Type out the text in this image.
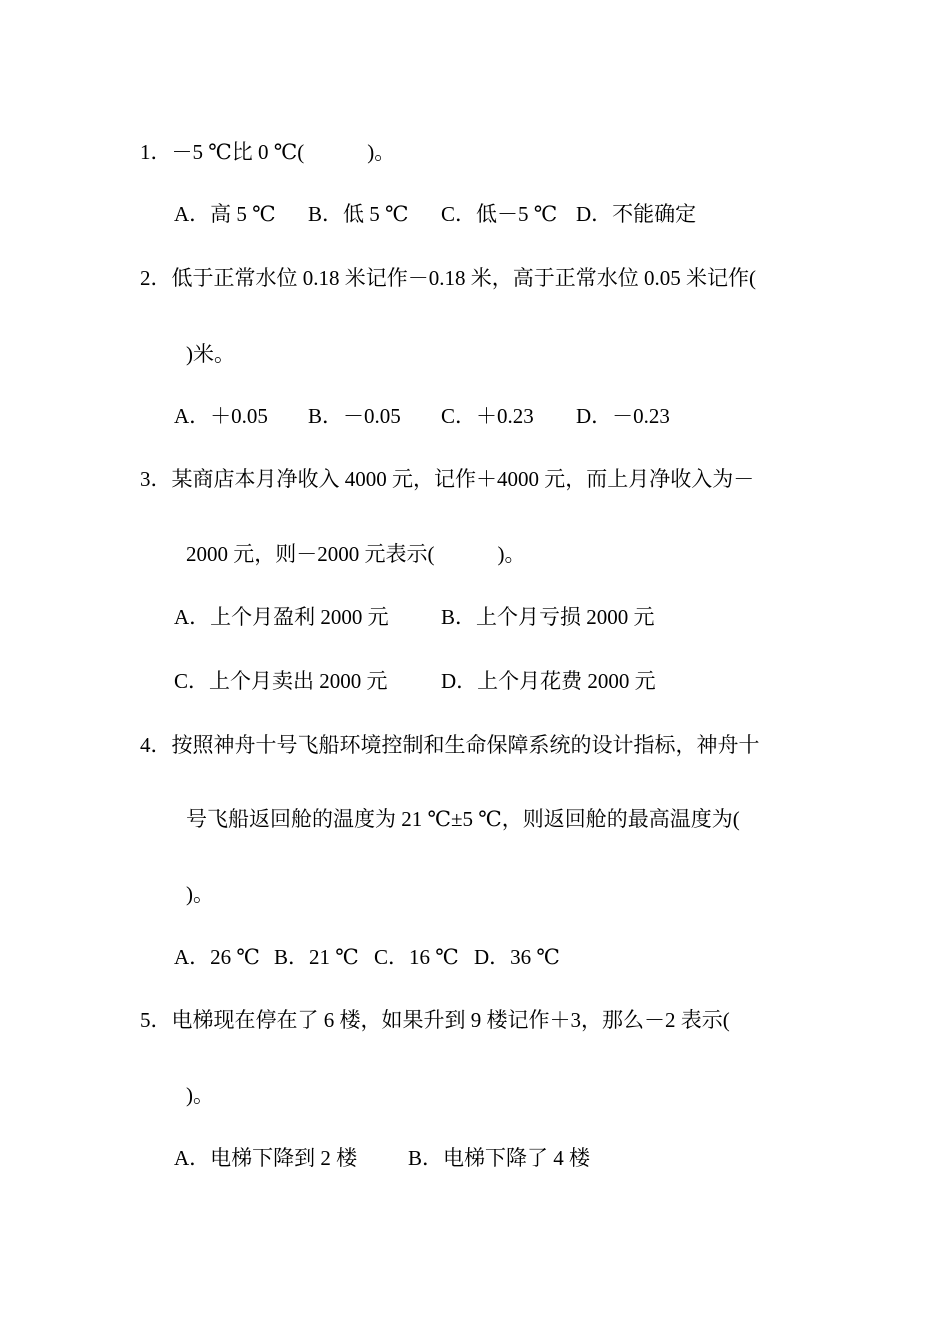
1．－5 ℃比 0 ℃(　　　)。
A．高 5 ℃ B．低 5 ℃ C．低－5 ℃ D．不能确定
2．低于正常水位 0.18 米记作－0.18 米，高于正常水位 0.05 米记作(
)米。
A．＋0.05 B．－0.05 C．＋0.23 D．－0.23
3．某商店本月净收入 4000 元，记作＋4000 元，而上月净收入为－
2000 元，则－2000 元表示(　　　)。
A．上个月盈利 2000 元 B．上个月亏损 2000 元
C．上个月卖出 2000 元	D．上个月花费 2000 元
4．按照神舟十号飞船环境控制和生命保障系统的设计指标，神舟十
号飞船返回舱的温度为 21 ℃±5 ℃，则返回舱的最高温度为(
)。
A．26 ℃ B．21 ℃ C．16 ℃ D．36 ℃
5．电梯现在停在了 6 楼，如果升到 9 楼记作＋3，那么－2 表示(
)。
A．电梯下降到 2 楼 B．电梯下降了 4 楼
